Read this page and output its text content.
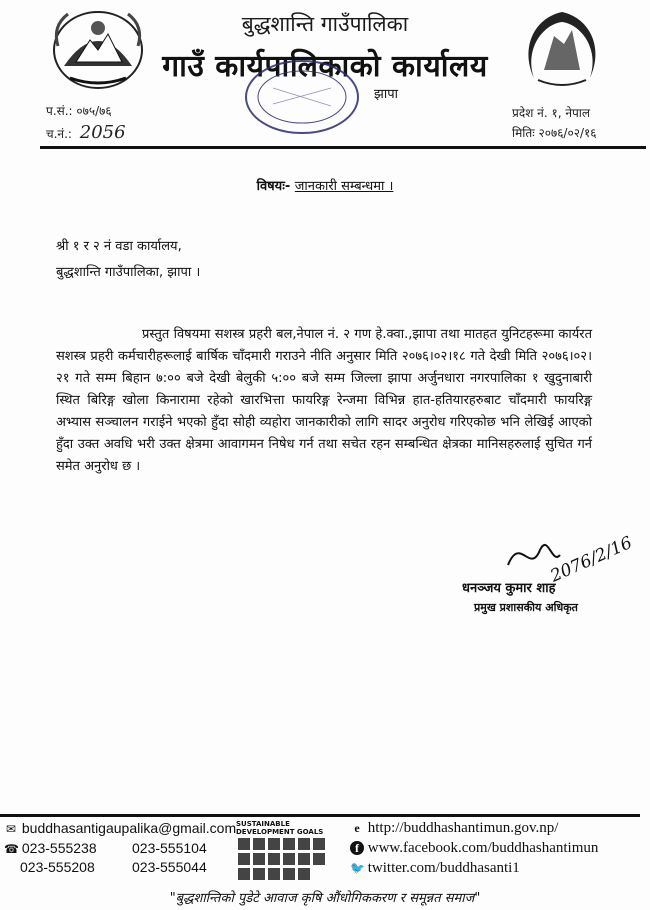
बुद्धशान्ति गाउँपालिका
गाउँ कार्यपालिकाको कार्यालय
झापा
प.सं.: ०७५/७६
च.नं.: 2056
प्रदेश नं. १, नेपाल
मितिः २०७६/०२/१६
विषयः- जानकारी सम्बन्धमा ।
श्री १ र २ नं वडा कार्यालय,
बुद्धशान्ति गाउँपालिका, झापा ।
प्रस्तुत विषयमा सशस्त्र प्रहरी बल,नेपाल नं. २ गण हे.क्वा.,झापा तथा मातहत युनिटहरूमा कार्यरत सशस्त्र प्रहरी कर्मचारीहरूलाई बार्षिक चाँदमारी गराउने नीति अनुसार मिति २०७६।०२।१८ गते देखी मिति २०७६।०२।२१ गते सम्म बिहान ७:०० बजे देखी बेलुकी ५:०० बजे सम्म जिल्ला झापा अर्जुनधारा नगरपालिका १ खुदुनाबारी स्थित बिरिङ्ग खोला किनारामा रहेको खारभित्ता फायरिङ्ग रेन्जमा विभिन्न हात-हतियारहरुबाट चाँदमारी फायरिङ्ग अभ्यास सञ्चालन गराईने भएको हुँदा सोही व्यहोरा जानकारीको लागि सादर अनुरोध गरिएकोछ भनि लेखिई आएको हुँदा उक्त अवधि भरी उक्त क्षेत्रमा आवागमन निषेध गर्न तथा सचेत रहन सम्बन्धित क्षेत्रका मानिसहरुलाई सुचित गर्न समेत अनुरोध छ ।
2076/2/16
धनञ्जय कुमार शाह
प्रमुख प्रशासकीय अधिकृत
✉ buddhasantigaupalika@gmail.com
☎ 023-555238	023-555104
023-555208	023-555044
SUSTAINABLE DEVELOPMENT GOALS	e http://buddhashantimun.gov.np/
f www.facebook.com/buddhashantimun
🐦 twitter.com/buddhasanti1
"बुद्धशान्तिको पुडेटे आवाज कृषि औंधोगिककरण र समून्नत समाज"
